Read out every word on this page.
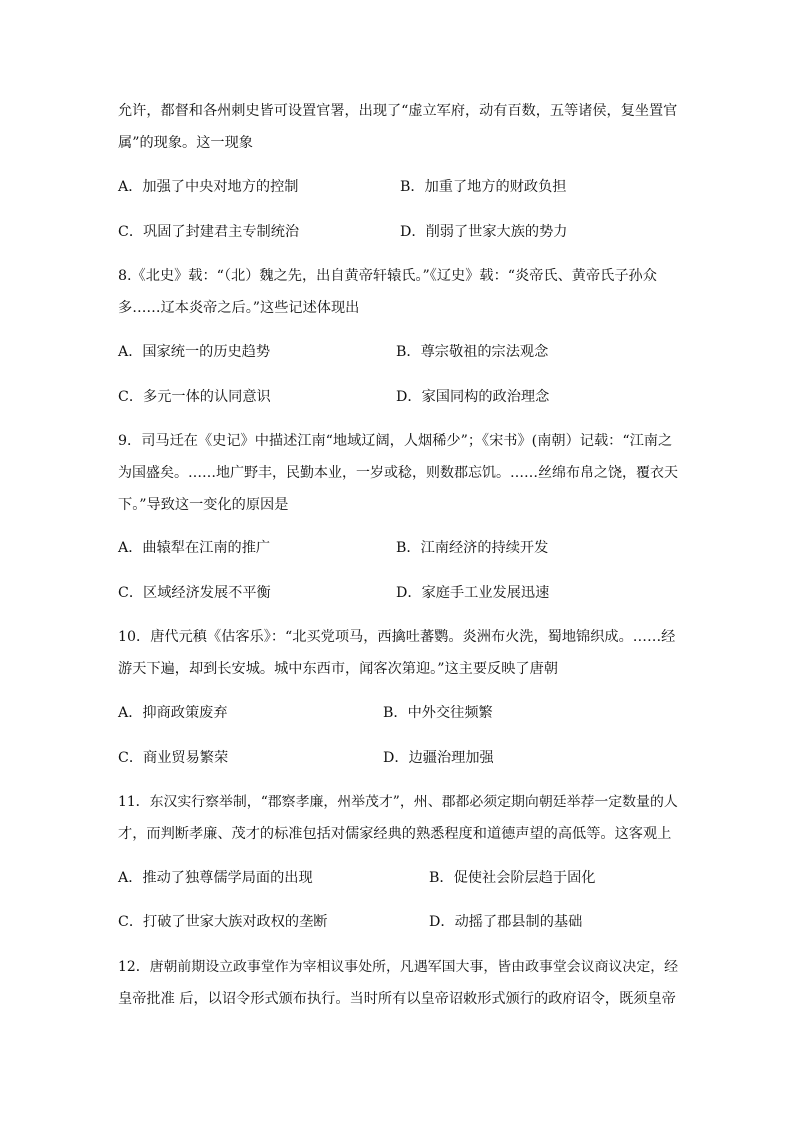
允许，都督和各州刺史皆可设置官署，出现了“虚立军府，动有百数，五等诸侯，复坐置官
属”的现象。这一现象
A．加强了中央对地方的控制	B．加重了地方的财政负担
C．巩固了封建君主专制统治	D．削弱了世家大族的势力
8.《北史》载：“（北）魏之先，出自黄帝轩辕氏。”《辽史》载：“炎帝氏、黄帝氏子孙众
多……辽本炎帝之后。”这些记述体现出
A．国家统一的历史趋势	B．尊宗敬祖的宗法观念
C．多元一体的认同意识	D．家国同构的政治理念
9．司马迁在《史记》中描述江南“地域辽阔，人烟稀少”；《宋书》(南朝）记载：“江南之
为国盛矣。……地广野丰，民勤本业，一岁或稔，则数郡忘饥。……丝绵布帛之饶，覆衣天
下。”导致这一变化的原因是
A．曲辕犁在江南的推广	B．江南经济的持续开发
C．区域经济发展不平衡	D．家庭手工业发展迅速
10．唐代元稹《估客乐》：“北买党项马，西擒吐蕃鹦。炎洲布火洗，蜀地锦织成。……经
游天下遍，却到长安城。城中东西市，闻客次第迎。”这主要反映了唐朝
A．抑商政策废弃	B．中外交往频繁
C．商业贸易繁荣	D．边疆治理加强
11．东汉实行察举制，“郡察孝廉，州举茂才”，州、郡都必须定期向朝廷举荐一定数量的人
才，而判断孝廉、茂才的标准包括对儒家经典的熟悉程度和道德声望的高低等。这客观上
A．推动了独尊儒学局面的出现	B．促使社会阶层趋于固化
C．打破了世家大族对政权的垄断	D．动摇了郡县制的基础
12．唐朝前期设立政事堂作为宰相议事处所，凡遇军国大事，皆由政事堂会议商议决定，经
皇帝批准 后，以诏令形式颁布执行。当时所有以皇帝诏敕形式颁行的政府诏令，既须皇帝
